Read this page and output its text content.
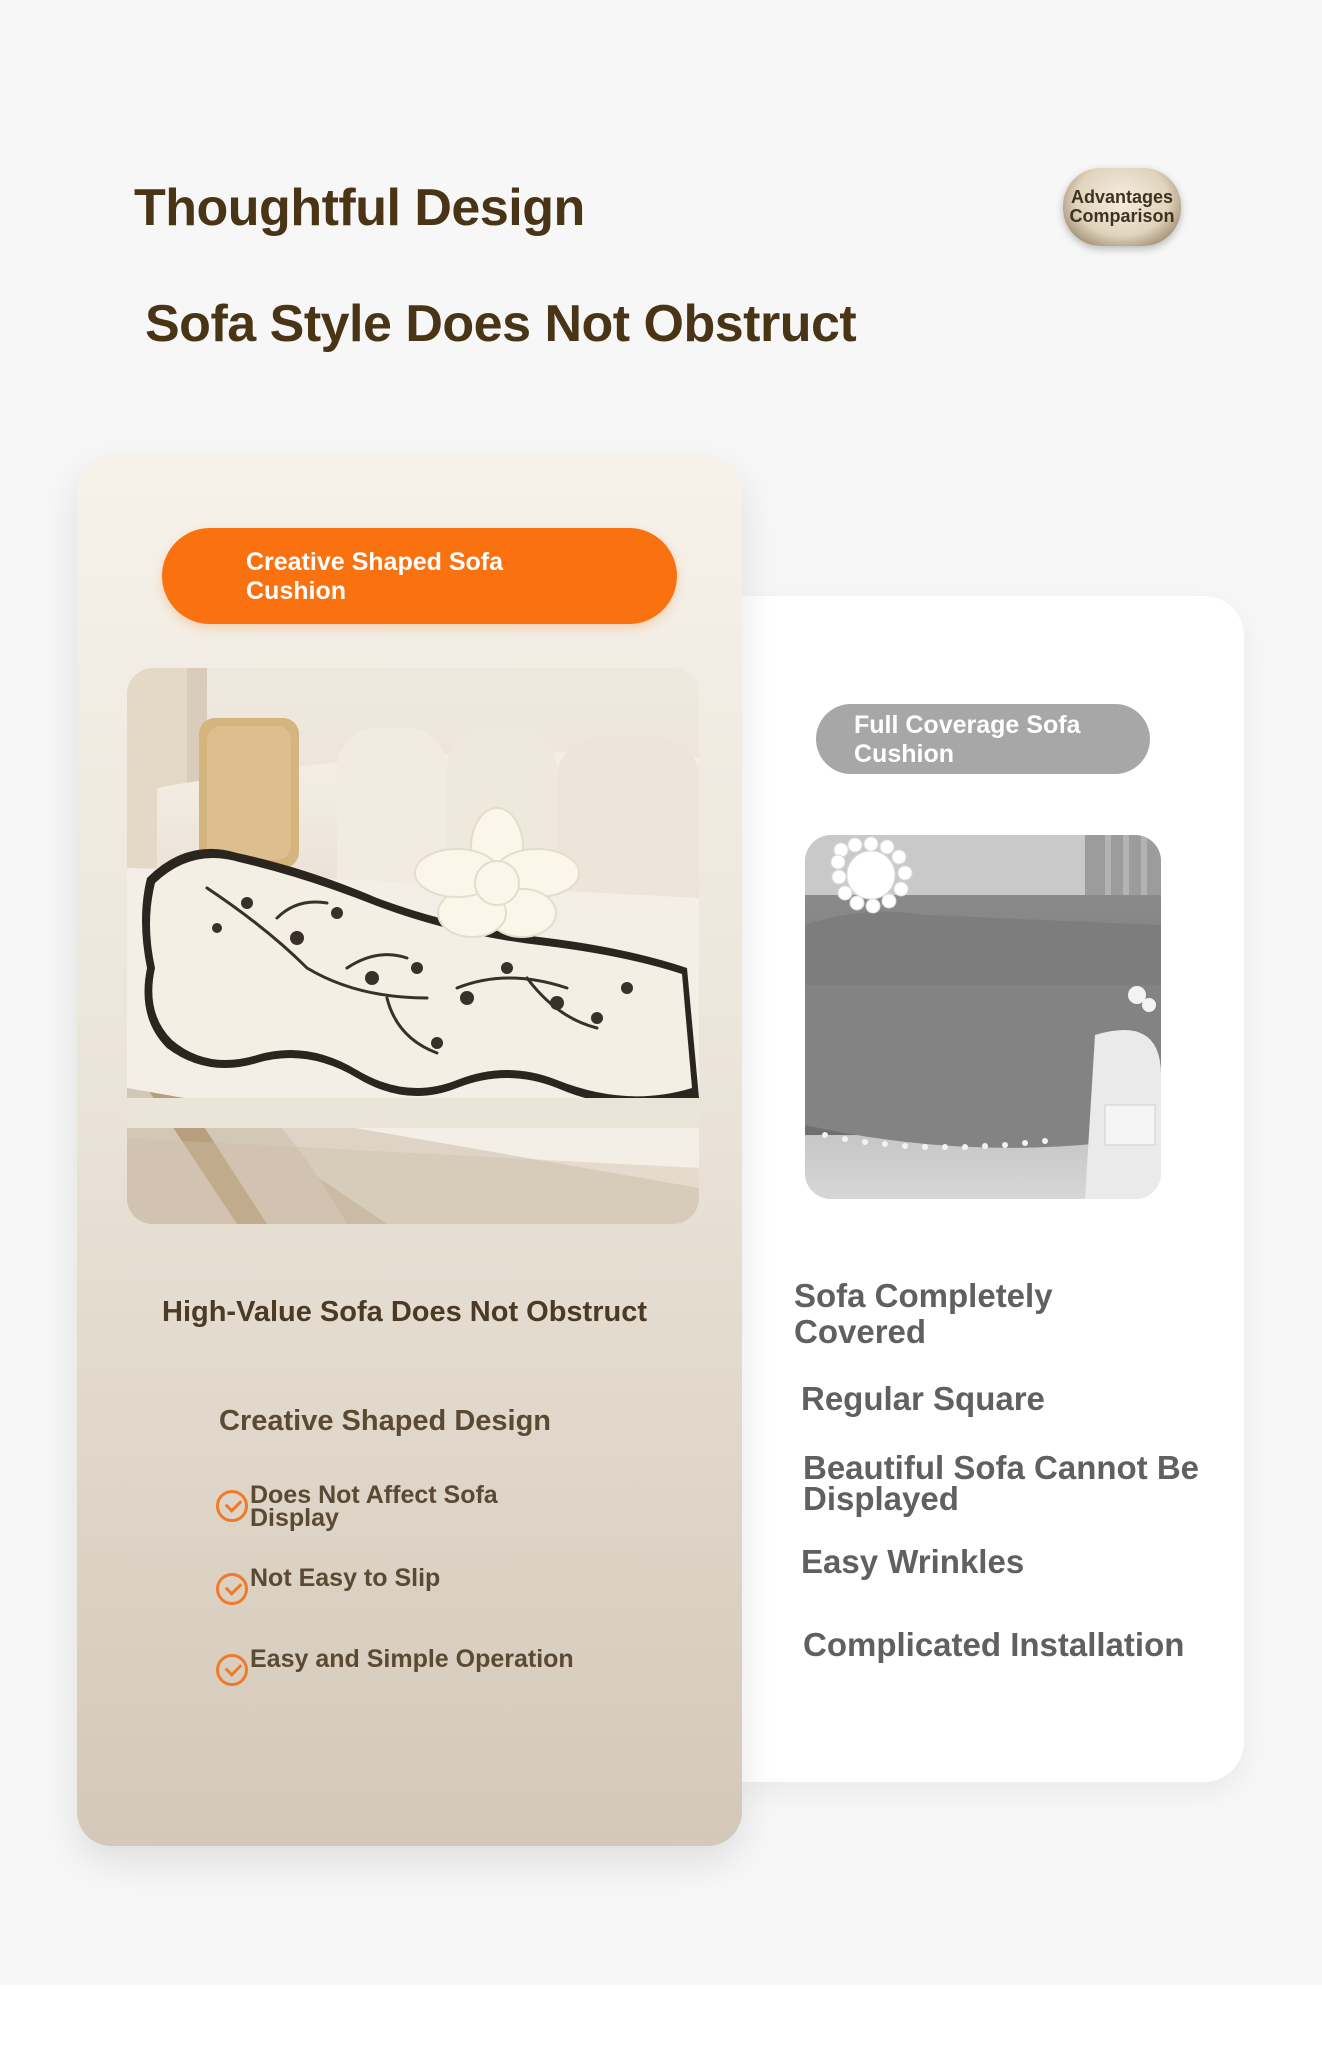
Thoughtful Design
Sofa Style Does Not Obstruct
Advantages
Comparison
Full Coverage Sofa Cushion
Sofa Completely Covered
Regular Square
Beautiful Sofa Cannot Be Displayed
Easy Wrinkles
Complicated Installation
Creative Shaped Sofa Cushion
High-Value Sofa Does Not Obstruct
Creative Shaped Design
Does Not Affect Sofa Display
Not Easy to Slip
Easy and Simple Operation
